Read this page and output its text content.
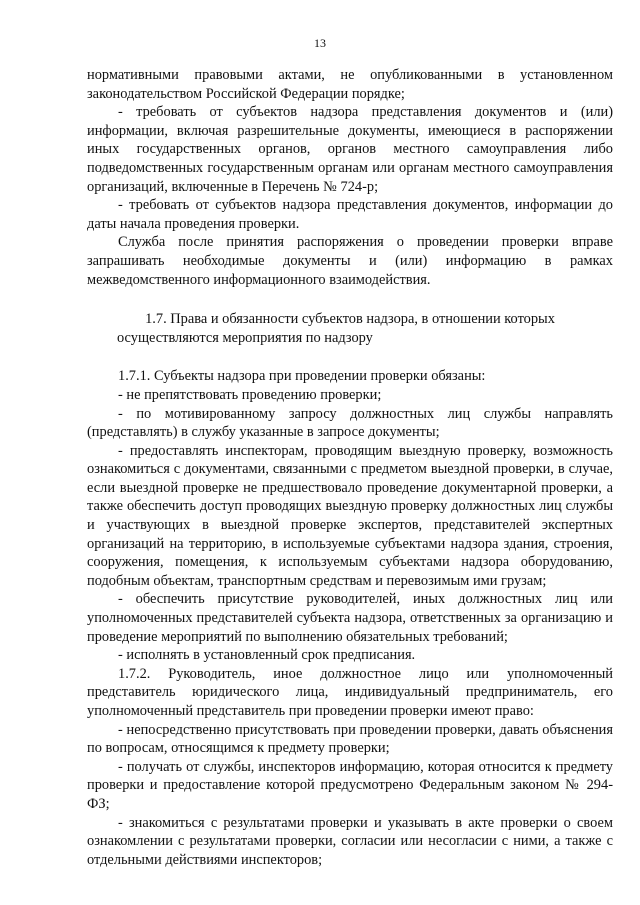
13

нормативными правовыми актами, не опубликованными в установленном законодательством Российской Федерации порядке;

- требовать от субъектов надзора представления документов и (или) информации, включая разрешительные документы, имеющиеся в распоряжении иных государственных органов, органов местного самоуправления либо подведомственных государственным органам или органам местного самоуправления организаций, включенные в Перечень № 724-р;

- требовать от субъектов надзора представления документов, информации до даты начала проведения проверки.

Служба после принятия распоряжения о проведении проверки вправе запрашивать необходимые документы и (или) информацию в рамках межведомственного информационного взаимодействия.

1.7. Права и обязанности субъектов надзора, в отношении которых осуществляются мероприятия по надзору

1.7.1. Субъекты надзора при проведении проверки обязаны:

- не препятствовать проведению проверки;

- по мотивированному запросу должностных лиц службы направлять (представлять) в службу указанные в запросе документы;

- предоставлять инспекторам, проводящим выездную проверку, возможность ознакомиться с документами, связанными с предметом выездной проверки, в случае, если выездной проверке не предшествовало проведение документарной проверки, а также обеспечить доступ проводящих выездную проверку должностных лиц службы и участвующих в выездной проверке экспертов, представителей экспертных организаций на территорию, в используемые субъектами надзора здания, строения, сооружения, помещения, к используемым субъектами надзора оборудованию, подобным объектам, транспортным средствам и перевозимым ими грузам;

- обеспечить присутствие руководителей, иных должностных лиц или уполномоченных представителей субъекта надзора, ответственных за организацию и проведение мероприятий по выполнению обязательных требований;

- исполнять в установленный срок предписания.

1.7.2. Руководитель, иное должностное лицо или уполномоченный представитель юридического лица, индивидуальный предприниматель, его уполномоченный представитель при проведении проверки имеют право:

- непосредственно присутствовать при проведении проверки, давать объяснения по вопросам, относящимся к предмету проверки;

- получать от службы, инспекторов информацию, которая относится к предмету проверки и предоставление которой предусмотрено Федеральным законом № 294-ФЗ;

- знакомиться с результатами проверки и указывать в акте проверки о своем ознакомлении с результатами проверки, согласии или несогласии с ними, а также с отдельными действиями инспекторов;
